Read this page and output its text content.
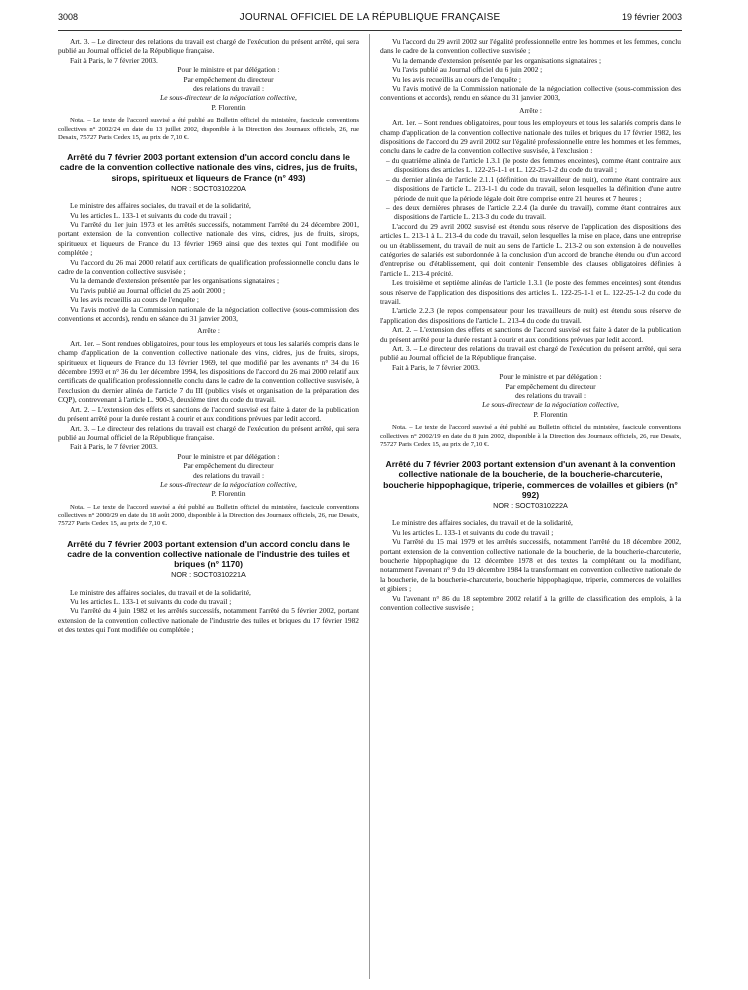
3008	JOURNAL OFFICIEL DE LA RÉPUBLIQUE FRANÇAISE	19 février 2003

Art. 3. – Le directeur des relations du travail est chargé de l'exécution du présent arrêté, qui sera publié au Journal officiel de la République française.

Fait à Paris, le 7 février 2003.

Pour le ministre et par délégation :

Par empêchement du directeur

des relations du travail :

Le sous-directeur de la négociation collective,

P. Florentin

Nota. – Le texte de l'accord susvisé a été publié au Bulletin officiel du ministère, fascicule conventions collectives n° 2002/24 en date du 13 juillet 2002, disponible à la Direction des Journaux officiels, 26, rue Desaix, 75727 Paris Cedex 15, au prix de 7,10 €.

Arrêté du 7 février 2003 portant extension d'un accord conclu dans le cadre de la convention collective nationale des vins, cidres, jus de fruits, sirops, spiritueux et liqueurs de France (n° 493)

NOR : SOCT0310220A

Le ministre des affaires sociales, du travail et de la solidarité,

Vu les articles L. 133-1 et suivants du code du travail ;

Vu l'arrêté du 1er juin 1973 et les arrêtés successifs, notamment l'arrêté du 24 décembre 2001, portant extension de la convention collective nationale des vins, cidres, jus de fruits, sirops, spiritueux et liqueurs de France du 13 février 1969 ainsi que des textes qui l'ont modifiée ou complétée ;

Vu l'accord du 26 mai 2000 relatif aux certificats de qualification professionnelle conclu dans le cadre de la convention collective susvisée ;

Vu la demande d'extension présentée par les organisations signataires ;

Vu l'avis publié au Journal officiel du 25 août 2000 ;

Vu les avis recueillis au cours de l'enquête ;

Vu l'avis motivé de la Commission nationale de la négociation collective (sous-commission des conventions et accords), rendu en séance du 31 janvier 2003,

Arrête :

Art. 1er. – Sont rendues obligatoires, pour tous les employeurs et tous les salariés compris dans le champ d'application de la convention collective nationale des vins, cidres, jus de fruits, sirops, spiritueux et liqueurs de France du 13 février 1969, tel que modifié par les avenants n° 34 du 16 décembre 1993 et n° 36 du 1er décembre 1994, les dispositions de l'accord du 26 mai 2000 relatif aux certificats de qualification professionnelle conclu dans le cadre de la convention collective susvisée, à l'exclusion du dernier alinéa de l'article 7 du III (publics visés et organisation de la préparation des CQP), contrevenant à l'article L. 900-3, deuxième tiret du code du travail.

Art. 2. – L'extension des effets et sanctions de l'accord susvisé est faite à dater de la publication du présent arrêté pour la durée restant à courir et aux conditions prévues par ledit accord.

Art. 3. – Le directeur des relations du travail est chargé de l'exécution du présent arrêté, qui sera publié au Journal officiel de la République française.

Fait à Paris, le 7 février 2003.

Pour le ministre et par délégation :

Par empêchement du directeur

des relations du travail :

Le sous-directeur de la négociation collective,

P. Florentin

Nota. – Le texte de l'accord susvisé a été publié au Bulletin officiel du ministère, fascicule conventions collectives n° 2000/29 en date du 18 août 2000, disponible à la Direction des Journaux officiels, 26, rue Desaix, 75727 Paris Cedex 15, au prix de 7,10 €.

Arrêté du 7 février 2003 portant extension d'un accord conclu dans le cadre de la convention collective nationale de l'industrie des tuiles et briques (n° 1170)

NOR : SOCT0310221A

Le ministre des affaires sociales, du travail et de la solidarité,

Vu les articles L. 133-1 et suivants du code du travail ;

Vu l'arrêté du 4 juin 1982 et les arrêtés successifs, notamment l'arrêté du 5 février 2002, portant extension de la convention collective nationale de l'industrie des tuiles et briques du 17 février 1982 et des textes qui l'ont modifiée ou complétée ;

Vu l'accord du 29 avril 2002 sur l'égalité professionnelle entre les hommes et les femmes, conclu dans le cadre de la convention collective susvisée ;

Vu la demande d'extension présentée par les organisations signataires ;

Vu l'avis publié au Journal officiel du 6 juin 2002 ;

Vu les avis recueillis au cours de l'enquête ;

Vu l'avis motivé de la Commission nationale de la négociation collective (sous-commission des conventions et accords), rendu en séance du 31 janvier 2003,

Arrête :

Art. 1er. – Sont rendues obligatoires, pour tous les employeurs et tous les salariés compris dans le champ d'application de la convention collective nationale des tuiles et briques du 17 février 1982, les dispositions de l'accord du 29 avril 2002 sur l'égalité professionnelle entre les hommes et les femmes, conclu dans le cadre de la convention collective susvisée, à l'exclusion :

– du quatrième alinéa de l'article 1.3.1 (le poste des femmes enceintes), comme étant contraire aux dispositions des articles L. 122-25-1-1 et L. 122-25-1-2 du code du travail ;

– du dernier alinéa de l'article 2.1.1 (définition du travailleur de nuit), comme étant contraire aux dispositions de l'article L. 213-1-1 du code du travail, selon lesquelles la définition d'une autre période de nuit que la période légale doit être comprise entre 21 heures et 7 heures ;

– des deux dernières phrases de l'article 2.2.4 (la durée du travail), comme étant contraires aux dispositions de l'article L. 213-3 du code du travail.

L'accord du 29 avril 2002 susvisé est étendu sous réserve de l'application des dispositions des articles L. 213-1 à L. 213-4 du code du travail, selon lesquelles la mise en place, dans une entreprise ou un établissement, du travail de nuit au sens de l'article L. 213-2 ou son extension à de nouvelles catégories de salariés est subordonnée à la conclusion d'un accord de branche étendu ou d'un accord d'entreprise ou d'établissement, qui doit contenir l'ensemble des clauses obligatoires définies à l'article L. 213-4 précité.

Les troisième et septième alinéas de l'article 1.3.1 (le poste des femmes enceintes) sont étendus sous réserve de l'application des dispositions des articles L. 122-25-1-1 et L. 122-25-1-2 du code du travail.

L'article 2.2.3 (le repos compensateur pour les travailleurs de nuit) est étendu sous réserve de l'application des dispositions de l'article L. 213-4 du code du travail.

Art. 2. – L'extension des effets et sanctions de l'accord susvisé est faite à dater de la publication du présent arrêté pour la durée restant à courir et aux conditions prévues par ledit accord.

Art. 3. – Le directeur des relations du travail est chargé de l'exécution du présent arrêté, qui sera publié au Journal officiel de la République française.

Fait à Paris, le 7 février 2003.

Pour le ministre et par délégation :

Par empêchement du directeur

des relations du travail :

Le sous-directeur de la négociation collective,

P. Florentin

Nota. – Le texte de l'accord susvisé a été publié au Bulletin officiel du ministère, fascicule conventions collectives n° 2002/19 en date du 8 juin 2002, disponible à la Direction des Journaux officiels, 26, rue Desaix, 75727 Paris Cedex 15, au prix de 7,10 €.

Arrêté du 7 février 2003 portant extension d'un avenant à la convention collective nationale de la boucherie, de la boucherie-charcuterie, boucherie hippophagique, triperie, commerces de volailles et gibiers (n° 992)

NOR : SOCT0310222A

Le ministre des affaires sociales, du travail et de la solidarité,

Vu les articles L. 133-1 et suivants du code du travail ;

Vu l'arrêté du 15 mai 1979 et les arrêtés successifs, notamment l'arrêté du 18 décembre 2002, portant extension de la convention collective nationale de la boucherie, de la boucherie-charcuterie, boucherie hippophagique du 12 décembre 1978 et des textes la complétant ou la modifiant, notamment l'avenant n° 9 du 19 décembre 1984 la transformant en convention collective nationale de la boucherie, de la boucherie-charcuterie, boucherie hippophagique, triperie, commerces de volailles et gibiers ;

Vu l'avenant n° 86 du 18 septembre 2002 relatif à la grille de classification des emplois, à la convention collective susvisée ;
